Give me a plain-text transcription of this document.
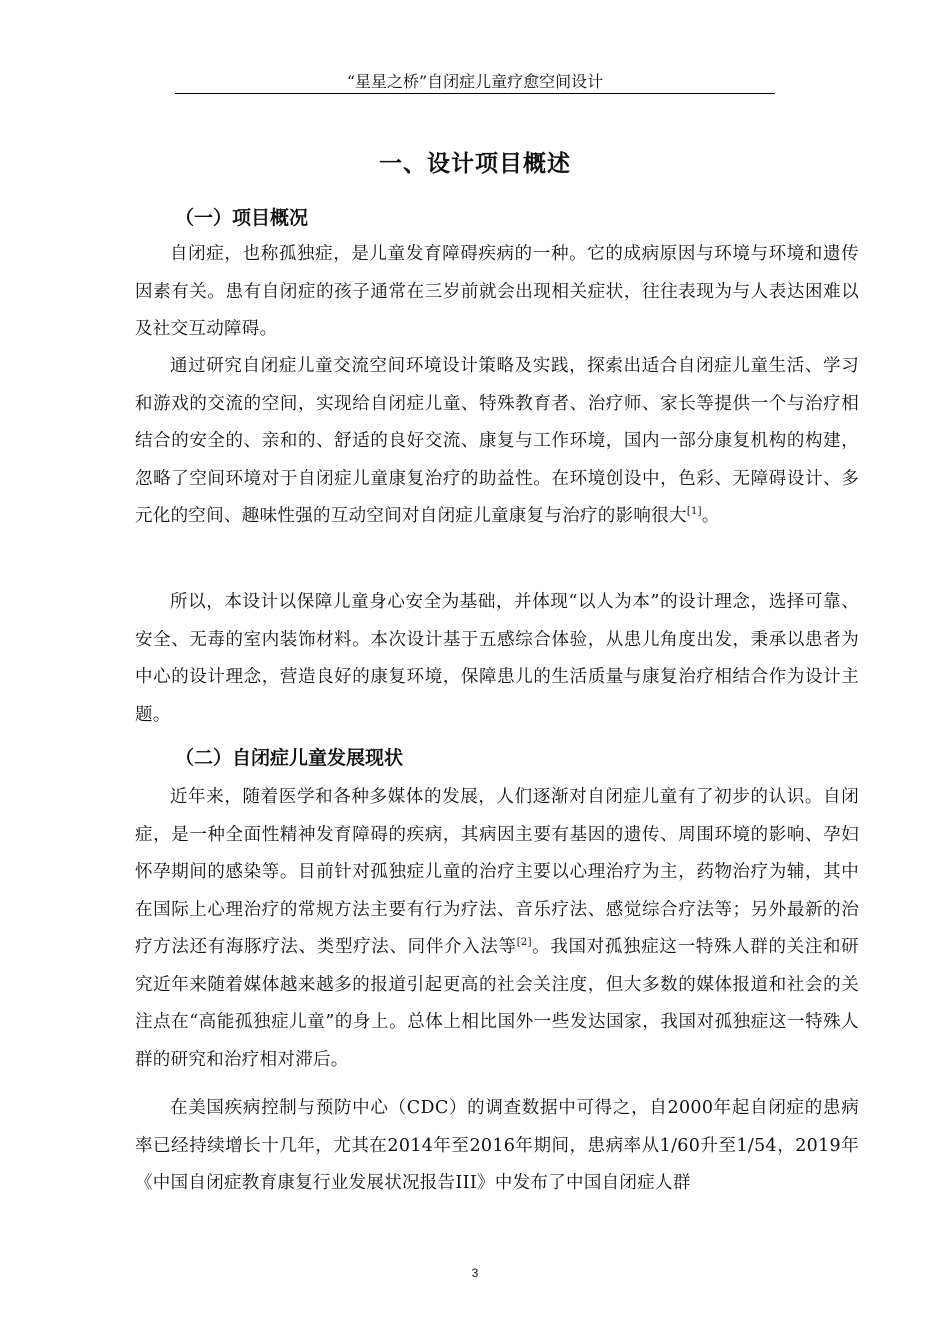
“星星之桥”自闭症儿童疗愈空间设计
一、设计项目概述
（一）项目概况

自闭症，也称孤独症，是儿童发育障碍疾病的一种。它的成病原因与环境与环境和遗传因素有关。患有自闭症的孩子通常在三岁前就会出现相关症状，往往表现为与人表达困难以及社交互动障碍。

通过研究自闭症儿童交流空间环境设计策略及实践，探索出适合自闭症儿童生活、学习和游戏的交流的空间，实现给自闭症儿童、特殊教育者、治疗师、家长等提供一个与治疗相结合的安全的、亲和的、舒适的良好交流、康复与工作环境，国内一部分康复机构的构建，忽略了空间环境对于自闭症儿童康复治疗的助益性。在环境创设中，色彩、无障碍设计、多元化的空间、趣味性强的互动空间对自闭症儿童康复与治疗的影响很大[1]。

所以，本设计以保障儿童身心安全为基础，并体现“以人为本”的设计理念，选择可靠、安全、无毒的室内装饰材料。本次设计基于五感综合体验，从患儿角度出发，秉承以患者为中心的设计理念，营造良好的康复环境，保障患儿的生活质量与康复治疗相结合作为设计主题。

（二）自闭症儿童发展现状

近年来，随着医学和各种多媒体的发展，人们逐渐对自闭症儿童有了初步的认识。自闭症，是一种全面性精神发育障碍的疾病，其病因主要有基因的遗传、周围环境的影响、孕妇怀孕期间的感染等。目前针对孤独症儿童的治疗主要以心理治疗为主，药物治疗为辅，其中在国际上心理治疗的常规方法主要有行为疗法、音乐疗法、感觉综合疗法等；另外最新的治疗方法还有海豚疗法、类型疗法、同伴介入法等[2]。我国对孤独症这一特殊人群的关注和研究近年来随着媒体越来越多的报道引起更高的社会关注度，但大多数的媒体报道和社会的关注点在“高能孤独症儿童”的身上。总体上相比国外一些发达国家，我国对孤独症这一特殊人群的研究和治疗相对滞后。

在美国疾病控制与预防中心（CDC）的调查数据中可得之，自2000年起自闭症的患病率已经持续增长十几年，尤其在2014年至2016年期间，患病率从1/60升至1/54，2019年《中国自闭症教育康复行业发展状况报告III》中发布了中国自闭症人群

3
